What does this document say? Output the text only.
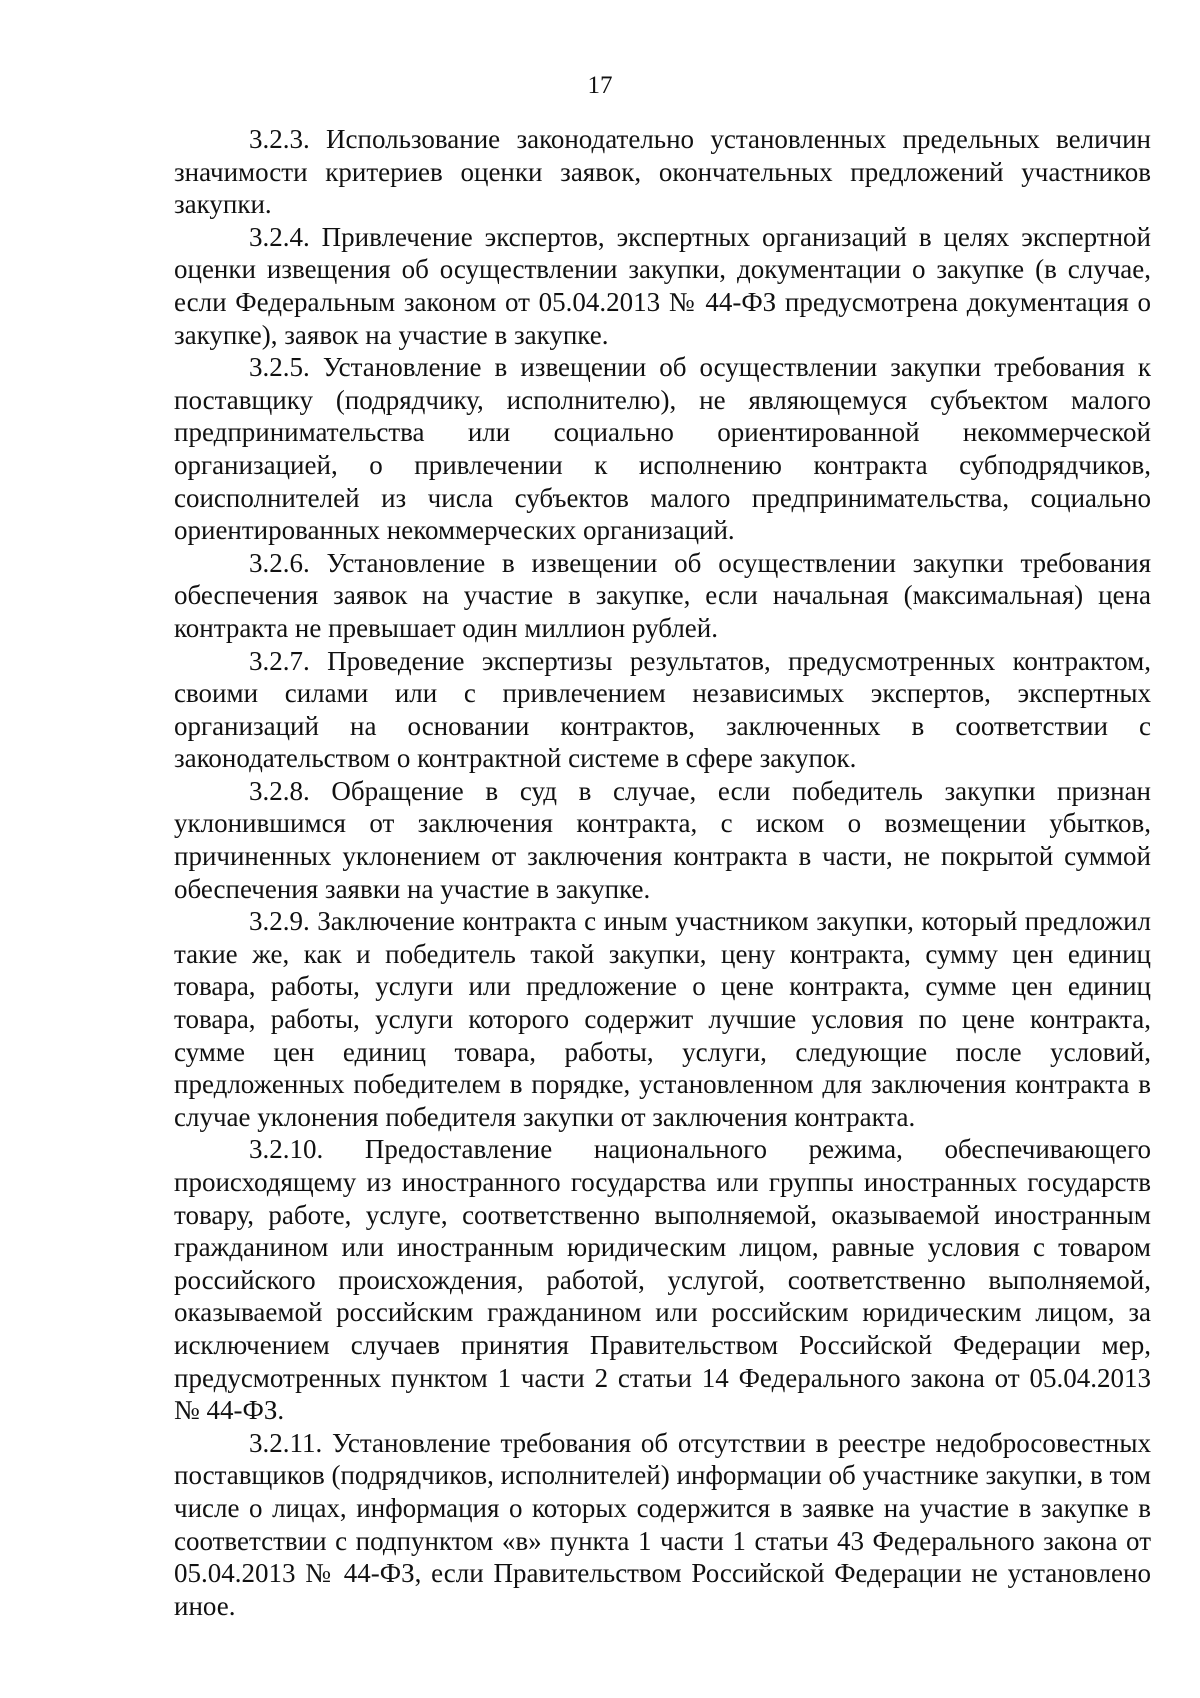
17

3.2.3. Использование законодательно установленных предельных величин значимости критериев оценки заявок, окончательных предложений участников закупки.

3.2.4. Привлечение экспертов, экспертных организаций в целях экспертной оценки извещения об осуществлении закупки, документации о закупке (в случае, если Федеральным законом от 05.04.2013 № 44-ФЗ предусмотрена документация о закупке), заявок на участие в закупке.

3.2.5. Установление в извещении об осуществлении закупки требования к поставщику (подрядчику, исполнителю), не являющемуся субъектом малого предпринимательства или социально ориентированной некоммерческой организацией, о привлечении к исполнению контракта субподрядчиков, соисполнителей из числа субъектов малого предпринимательства, социально ориентированных некоммерческих организаций.

3.2.6. Установление в извещении об осуществлении закупки требования обеспечения заявок на участие в закупке, если начальная (максимальная) цена контракта не превышает один миллион рублей.

3.2.7. Проведение экспертизы результатов, предусмотренных контрактом, своими силами или с привлечением независимых экспертов, экспертных организаций на основании контрактов, заключенных в соответствии с законодательством о контрактной системе в сфере закупок.

3.2.8. Обращение в суд в случае, если победитель закупки признан уклонившимся от заключения контракта, с иском о возмещении убытков, причиненных уклонением от заключения контракта в части, не покрытой суммой обеспечения заявки на участие в закупке.

3.2.9. Заключение контракта с иным участником закупки, который предложил такие же, как и победитель такой закупки, цену контракта, сумму цен единиц товара, работы, услуги или предложение о цене контракта, сумме цен единиц товара, работы, услуги которого содержит лучшие условия по цене контракта, сумме цен единиц товара, работы, услуги, следующие после условий, предложенных победителем в порядке, установленном для заключения контракта в случае уклонения победителя закупки от заключения контракта.

3.2.10. Предоставление национального режима, обеспечивающего происходящему из иностранного государства или группы иностранных государств товару, работе, услуге, соответственно выполняемой, оказываемой иностранным гражданином или иностранным юридическим лицом, равные условия с товаром российского происхождения, работой, услугой, соответственно выполняемой, оказываемой российским гражданином или российским юридическим лицом, за исключением случаев принятия Правительством Российской Федерации мер, предусмотренных пунктом 1 части 2 статьи 14 Федерального закона от 05.04.2013 № 44-ФЗ.

3.2.11. Установление требования об отсутствии в реестре недобросовестных поставщиков (подрядчиков, исполнителей) информации об участнике закупки, в том числе о лицах, информация о которых содержится в заявке на участие в закупке в соответствии с подпунктом «в» пункта 1 части 1 статьи 43 Федерального закона от 05.04.2013 № 44-ФЗ, если Правительством Российской Федерации не установлено иное.
